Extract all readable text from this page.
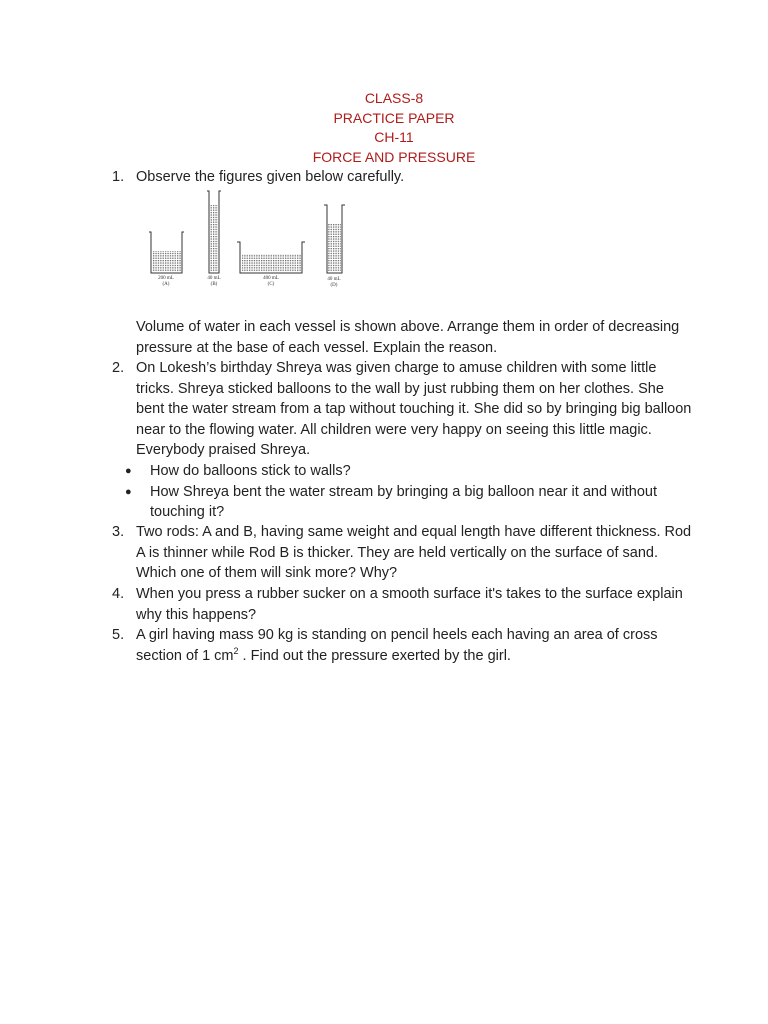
CLASS-8
PRACTICE PAPER
CH-11
FORCE AND PRESSURE
1. Observe the figures given below carefully.
200 mL
(A)
40 mL
(B)
400 mL
(C)
40 mL
(D)
Volume of water in each vessel is shown above. Arrange them in order of decreasing pressure at the base of each vessel. Explain the reason.
2. On Lokesh’s birthday Shreya was given charge to amuse children with some little tricks. Shreya sticked balloons to the wall by just rubbing them on her clothes. She bent the water stream from a tap without touching it. She did so by bringing big balloon near to the flowing water. All children were very happy on seeing this little magic. Everybody praised Shreya.
● How do balloons stick to walls?
● How Shreya bent the water stream by bringing a big balloon near it and without touching it?
3. Two rods: A and B, having same weight and equal length have different thickness. Rod A is thinner while Rod B is thicker. They are held vertically on the surface of sand. Which one of them will sink more? Why?
4. When you press a rubber sucker on a smooth surface it's takes to the surface explain why this happens?
5. A girl having mass 90 kg is standing on pencil heels each having an area of cross section of 1 $cm^2$ . Find out the pressure exerted by the girl.
